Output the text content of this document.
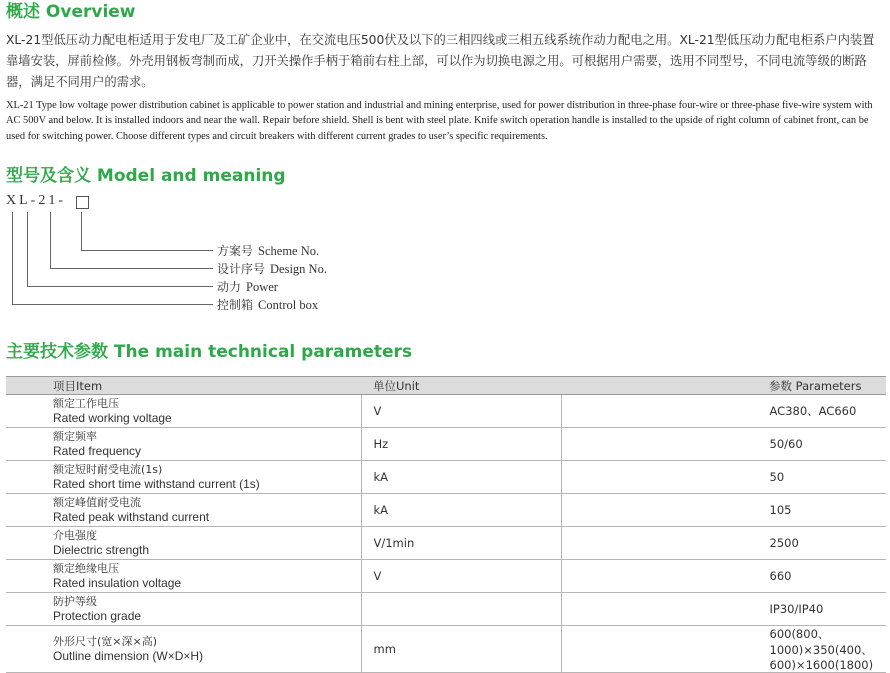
概述 Overview

XL-21型低压动力配电柜适用于发电厂及工矿企业中，在交流电压500伏及以下的三相四线或三相五线系统作动力配电之用。XL-21型低压动力配电柜系户内装置靠墙安装，屏前检修。外壳用钢板弯制而成，刀开关操作手柄于箱前右柱上部，可以作为切换电源之用。可根据用户需要，选用不同型号，不同电流等级的断路器，满足不同用户的需求。

XL-21 Type low voltage power distribution cabinet is applicable to power station and industrial and mining enterprise, used for power distribution in three-phase four-wire or three-phase five-wire system with AC 500V and below. It is installed indoors and near the wall. Repair before shield. Shell is bent with steel plate. Knife switch operation handle is installed to the upside of right column of cabinet front, can be used for switching power. Choose different types and circuit breakers with different current grades to user’s specific requirements.

型号及含义 Model and meaning
XL-21-
方案号 Scheme No.
设计序号 Design No.
动力 Power
控制箱 Control box
主要技术参数 The main technical parameters
项目Item	单位Unit	参数 Parameters

额定工作电压
Rated working voltage	V	AC380、AC660

额定频率
Rated frequency	Hz	50/60

额定短时耐受电流(1s)
Rated short time withstand current (1s)	kA	50

额定峰值耐受电流
Rated peak withstand current	kA	105

介电强度
Dielectric strength	V/1min	2500

额定绝缘电压
Rated insulation voltage	V	660

防护等级
Protection grade		IP30/IP40

外形尺寸(宽×深×高)
Outline dimension (W×D×H)	mm	600(800、1000)×350(400、600)×1600(1800)
